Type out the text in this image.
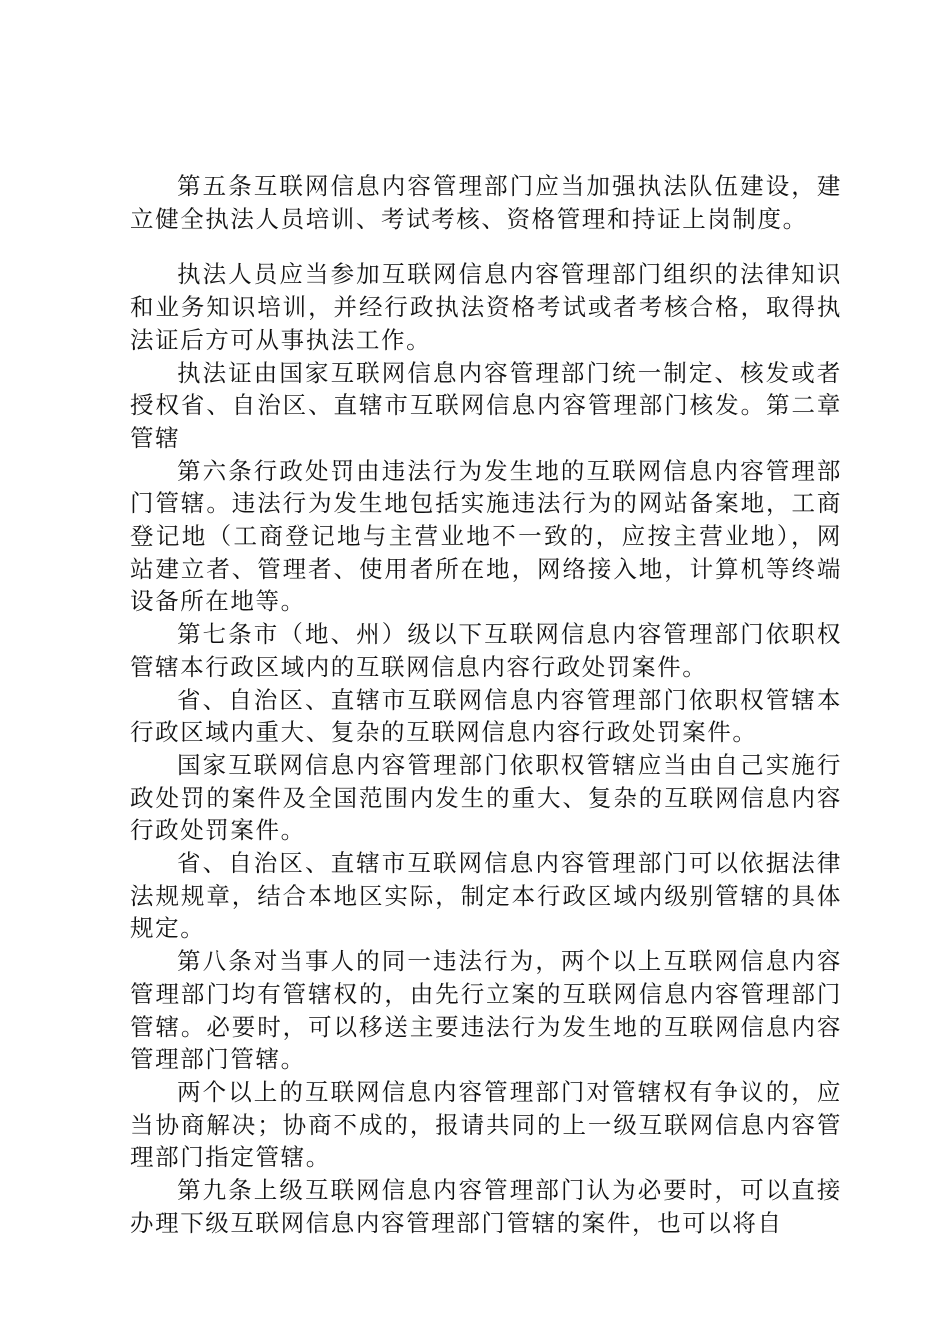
第五条互联网信息内容管理部门应当加强执法队伍建设，建立健全执法人员培训、考试考核、资格管理和持证上岗制度。

执法人员应当参加互联网信息内容管理部门组织的法律知识和业务知识培训，并经行政执法资格考试或者考核合格，取得执法证后方可从事执法工作。

执法证由国家互联网信息内容管理部门统一制定、核发或者授权省、自治区、直辖市互联网信息内容管理部门核发。第二章管辖

第六条行政处罚由违法行为发生地的互联网信息内容管理部门管辖。违法行为发生地包括实施违法行为的网站备案地，工商登记地（工商登记地与主营业地不一致的，应按主营业地），网站建立者、管理者、使用者所在地，网络接入地，计算机等终端设备所在地等。

第七条市（地、州）级以下互联网信息内容管理部门依职权管辖本行政区域内的互联网信息内容行政处罚案件。

省、自治区、直辖市互联网信息内容管理部门依职权管辖本行政区域内重大、复杂的互联网信息内容行政处罚案件。

国家互联网信息内容管理部门依职权管辖应当由自己实施行政处罚的案件及全国范围内发生的重大、复杂的互联网信息内容行政处罚案件。

省、自治区、直辖市互联网信息内容管理部门可以依据法律法规规章，结合本地区实际，制定本行政区域内级别管辖的具体规定。

第八条对当事人的同一违法行为，两个以上互联网信息内容管理部门均有管辖权的，由先行立案的互联网信息内容管理部门管辖。必要时，可以移送主要违法行为发生地的互联网信息内容管理部门管辖。

两个以上的互联网信息内容管理部门对管辖权有争议的，应当协商解决；协商不成的，报请共同的上一级互联网信息内容管理部门指定管辖。

第九条上级互联网信息内容管理部门认为必要时，可以直接办理下级互联网信息内容管理部门管辖的案件，也可以将自
